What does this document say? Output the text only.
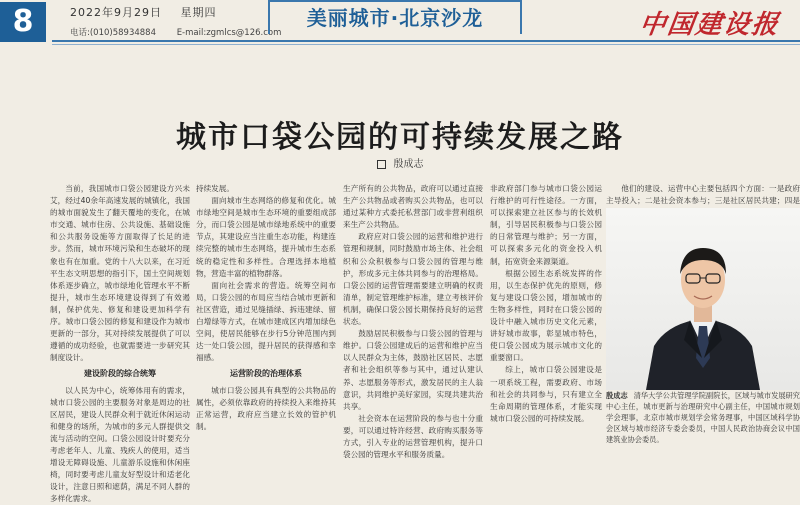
8	2022年9月29日 星期四
电话:(010)58934884 E-mail:zgmlcs@126.com
美丽城市·北京沙龙	中国建设报
城市口袋公园的可持续发展之路
殷成志

当前，我国城市口袋公园建设方兴未艾，经过40余年高速发展的城镇化，我国的城市面貌发生了翻天覆地的变化，在城市交通、城市住房、公共设施、基础设施和公共服务设施等方面取得了长足的进步。然而，城市环境污染和生态破坏的现象也有在加重。党的十八大以来，在习近平生态文明思想的指引下，国土空间规划体系逐步确立，城市绿地化管理水平不断提升，城市生态环境建设得到了有效遏制，保护优先、修复和建设更加科学有序。城市口袋公园的修复和建设作为城市更新的一部分，其对持续发展提供了可以遵循的成功经验，也就需要进一步研究其制度设计。

建设阶段的综合统筹

以人民为中心，统筹体用有的需求，城市口袋公园的主要服务对象是周边的社区居民，建设人民群众利于就近休闲运动和健身的场所，为城市的多元人群提供交流与活动的空间。口袋公园设计时要充分考虑老年人、儿童、残疾人的使用，适当增设无障碍设施、儿童游乐设施和休闲座椅，同时要考虑儿童友好型设计和适老化设计，注意日照和遮荫，满足不同人群的多样化需求。

持续发展。

面向城市生态网络的修复和优化。城市绿地空间是城市生态环境的重要组成部分，而口袋公园是城市绿地系统中的重要节点，其建设应当注重生态功能，构建连续完整的城市生态网络，提升城市生态系统的稳定性和多样性。合理选择本地植物，营造丰富的植物群落。

面向社会需求的营造。统筹空间布局，口袋公园的布局应当结合城市更新和社区营造，通过见缝插绿、拆违建绿、留白增绿等方式，在城市建成区内增加绿色空间，使居民能够在步行5分钟范围内到达一处口袋公园，提升居民的获得感和幸福感。

运营阶段的治理体系

城市口袋公园具有典型的公共物品的属性，必须依靠政府的持续投入来维持其正常运营，政府应当建立长效的管护机制。

生产所有的公共物品，政府可以通过直接生产公共物品或者购买公共物品，也可以通过某种方式委托私营部门或非营利组织来生产公共物品。

政府应对口袋公园的运营和维护进行管理和规制，同时鼓励市场主体、社会组织和公众积极参与口袋公园的管理与维护，形成多元主体共同参与的治理格局。口袋公园的运营管理需要建立明确的权责清单，制定管理维护标准，建立考核评价机制，确保口袋公园长期保持良好的运营状态。

鼓励居民积极参与口袋公园的管理与维护。口袋公园建成后的运营和维护应当以人民群众为主体，鼓励社区居民、志愿者和社会组织等参与其中，通过认建认养、志愿服务等形式，激发居民的主人翁意识，共同维护美好家园，实现共建共治共享。

社会资本在运营阶段的参与也十分重要，可以通过特许经营、政府购买服务等方式，引入专业的运营管理机构，提升口袋公园的管理水平和服务质量。

非政府部门参与城市口袋公园运行维护的可行性途径。一方面，可以探索建立社区参与的长效机制，引导居民积极参与口袋公园的日常管理与维护；另一方面，可以探索多元化的资金投入机制，拓宽资金来源渠道。

根据公园生态系统发挥的作用，以生态保护优先的原则，修复与建设口袋公园，增加城市的生物多样性，同时在口袋公园的设计中融入城市历史文化元素，讲好城市故事，彰显城市特色，使口袋公园成为展示城市文化的重要窗口。

综上，城市口袋公园建设是一项系统工程，需要政府、市场和社会的共同参与，只有建立全生命周期的管理体系，才能实现城市口袋公园的可持续发展。

他们的建设、运营中心主要包括四个方面：一是政府主导投入；二是社会资本参与；三是社区居民共建；四是

殷成志 清华大学公共管理学院副院长，区域与城市发展研究中心主任，城市更新与治理研究中心副主任，中国城市规划学会理事，北京市城市规划学会常务理事，中国区域科学协会区域与城市经济专委会委员，中国人民政治协商会议中国建筑业协会委员。
